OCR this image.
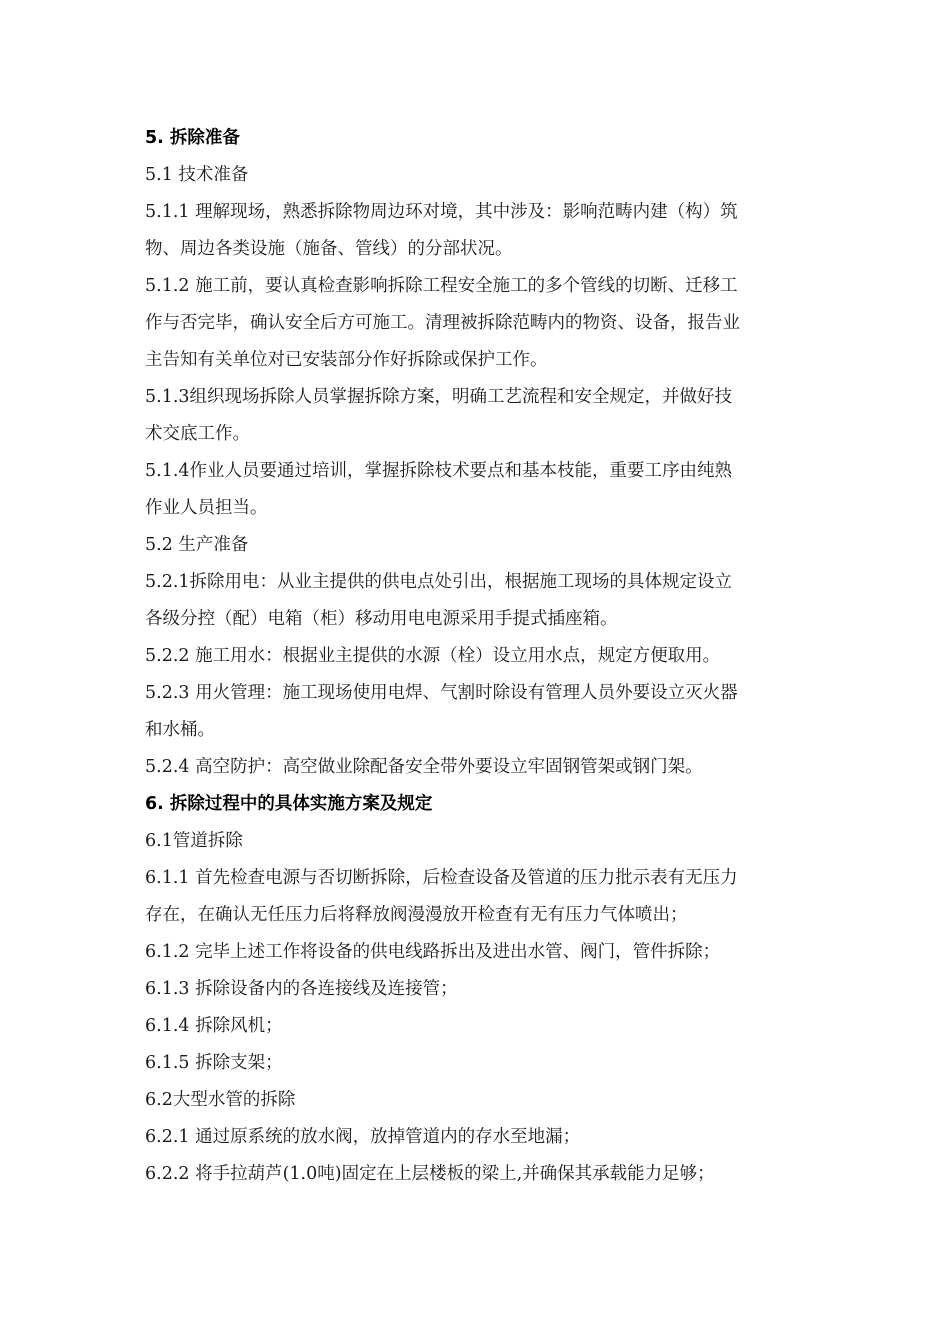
5. 拆除准备
5.1 技术准备
5.1.1 理解现场，熟悉拆除物周边环对境，其中涉及：影响范畴内建（构）筑
物、周边各类设施（施备、管线）的分部状况。
5.1.2 施工前，要认真检查影响拆除工程安全施工的多个管线的切断、迁移工
作与否完毕，确认安全后方可施工。清理被拆除范畴内的物资、设备，报告业
主告知有关单位对已安装部分作好拆除或保护工作。
5.1.3组织现场拆除人员掌握拆除方案，明确工艺流程和安全规定，并做好技
术交底工作。
5.1.4作业人员要通过培训，掌握拆除枝术要点和基本枝能，重要工序由纯熟
作业人员担当。
5.2 生产准备
5.2.1拆除用电：从业主提供的供电点处引出，根据施工现场的具体规定设立
各级分控（配）电箱（柜）移动用电电源采用手提式插座箱。
5.2.2 施工用水：根据业主提供的水源（栓）设立用水点，规定方便取用。
5.2.3 用火管理：施工现场使用电焊、气割时除设有管理人员外要设立灭火器
和水桶。
5.2.4 高空防护：高空做业除配备安全带外要设立牢固钢管架或钢门架。
6. 拆除过程中的具体实施方案及规定
6.1管道拆除
6.1.1 首先检查电源与否切断拆除，后检查设备及管道的压力批示表有无压力
存在，在确认无任压力后将释放阀漫漫放开检查有无有压力气体喷出；
6.1.2 完毕上述工作将设备的供电线路拆出及进出水管、阀门，管件拆除；
6.1.3 拆除设备内的各连接线及连接管；
6.1.4 拆除风机；
6.1.5 拆除支架；
6.2大型水管的拆除
6.2.1 通过原系统的放水阀，放掉管道内的存水至地漏；
6.2.2 将手拉葫芦(1.0吨)固定在上层楼板的梁上,并确保其承载能力足够；
